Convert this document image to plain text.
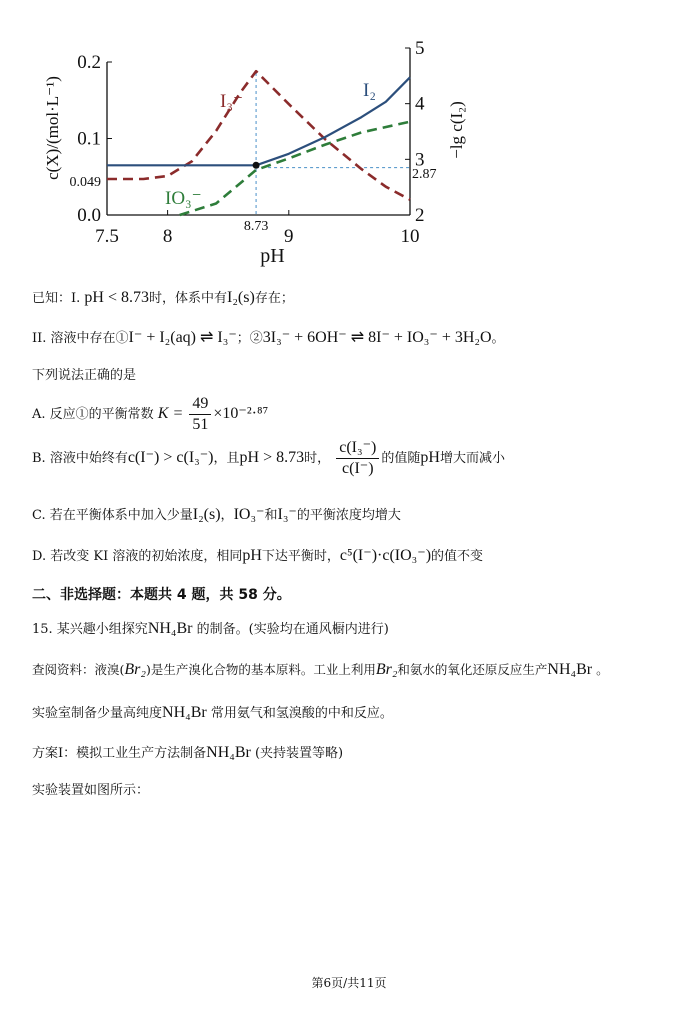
7.5 8	9	10
0.0
0.1
0.2
2
3
4
5
pH
c(X)/(mol·L⁻¹)	−lg c(I₂)
8.73
0.049
2.87
I₃⁻
I₂
IO₃⁻
已知：I. pH < 8.73时，体系中有I₂(s)存在；
II. 溶液中存在①I⁻ + I₂(aq) ⇌ I₃⁻；②3I₃⁻ + 6OH⁻ ⇌ 8I⁻ + IO₃⁻ + 3H₂O。
下列说法正确的是
A. 反应①的平衡常数 $K = \frac{49}{51} \times 10^{-2}\cdot^{87}$
B. 溶液中始终有c(I⁻) > c(I₃⁻)，且pH > 8.73时， $\frac{\text{c(I₃⁻)}}{c(I^-)}$ 的值随pH增大而减小
C. 若在平衡体系中加入少量I₂(s)，IO₃⁻和I₃⁻的平衡浓度均增大
D. 若改变 KI 溶液的初始浓度，相同pH下达平衡时，c⁵(I⁻)·c(IO₃⁻)的值不变
二、非选择题：本题共 4 题，共 58 分。
15. 某兴趣小组探究NH₄Br 的制备。(实验均在通风橱内进行)
查阅资料：液溴(Br₂)是生产溴化合物的基本原料。工业上利用Br₂和氨水的氧化还原反应生产NH₄Br 。
实验室制备少量高纯度NH₄Br 常用氨气和氢溴酸的中和反应。
方案I：模拟工业生产方法制备NH₄Br (夹持装置等略)
实验装置如图所示：
第6页/共11页
